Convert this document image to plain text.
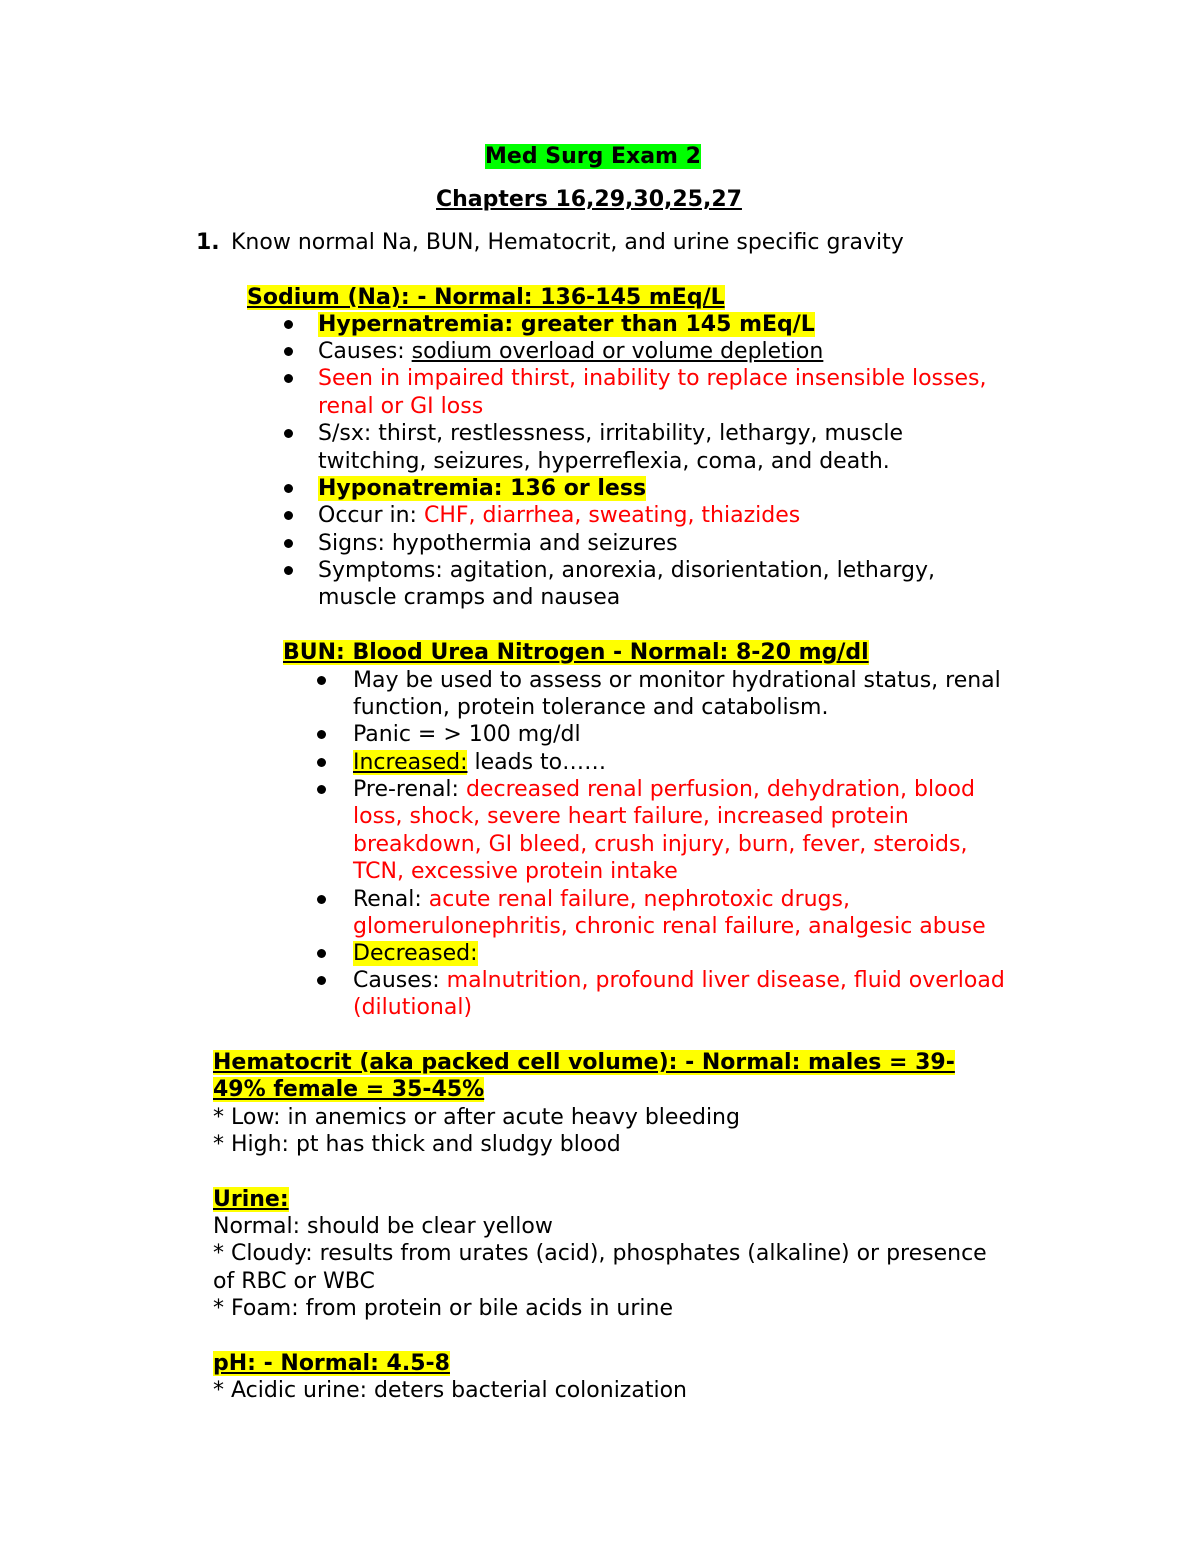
Med Surg Exam 2
Chapters 16,29,30,25,27
1. Know normal Na, BUN, Hematocrit, and urine specific gravity
Sodium (Na): - Normal: 136-145 mEq/L
Hypernatremia: greater than 145 mEq/L
Causes: sodium overload or volume depletion
Seen in impaired thirst, inability to replace insensible losses,
renal or GI loss
S/sx: thirst, restlessness, irritability, lethargy, muscle
twitching, seizures, hyperreflexia, coma, and death.
Hyponatremia: 136 or less
Occur in: CHF, diarrhea, sweating, thiazides
Signs: hypothermia and seizures
Symptoms: agitation, anorexia, disorientation, lethargy,
muscle cramps and nausea
BUN: Blood Urea Nitrogen - Normal: 8-20 mg/dl
May be used to assess or monitor hydrational status, renal
function, protein tolerance and catabolism.
Panic = > 100 mg/dl
Increased: leads to……
Pre-renal: decreased renal perfusion, dehydration, blood
loss, shock, severe heart failure, increased protein
breakdown, GI bleed, crush injury, burn, fever, steroids,
TCN, excessive protein intake
Renal: acute renal failure, nephrotoxic drugs,
glomerulonephritis, chronic renal failure, analgesic abuse
Decreased:
Causes: malnutrition, profound liver disease, fluid overload
(dilutional)
Hematocrit (aka packed cell volume): - Normal: males = 39-
49% female = 35-45%
* Low: in anemics or after acute heavy bleeding
* High: pt has thick and sludgy blood
Urine:
Normal: should be clear yellow
* Cloudy: results from urates (acid), phosphates (alkaline) or presence
of RBC or WBC
* Foam: from protein or bile acids in urine
pH: - Normal: 4.5-8
* Acidic urine: deters bacterial colonization
